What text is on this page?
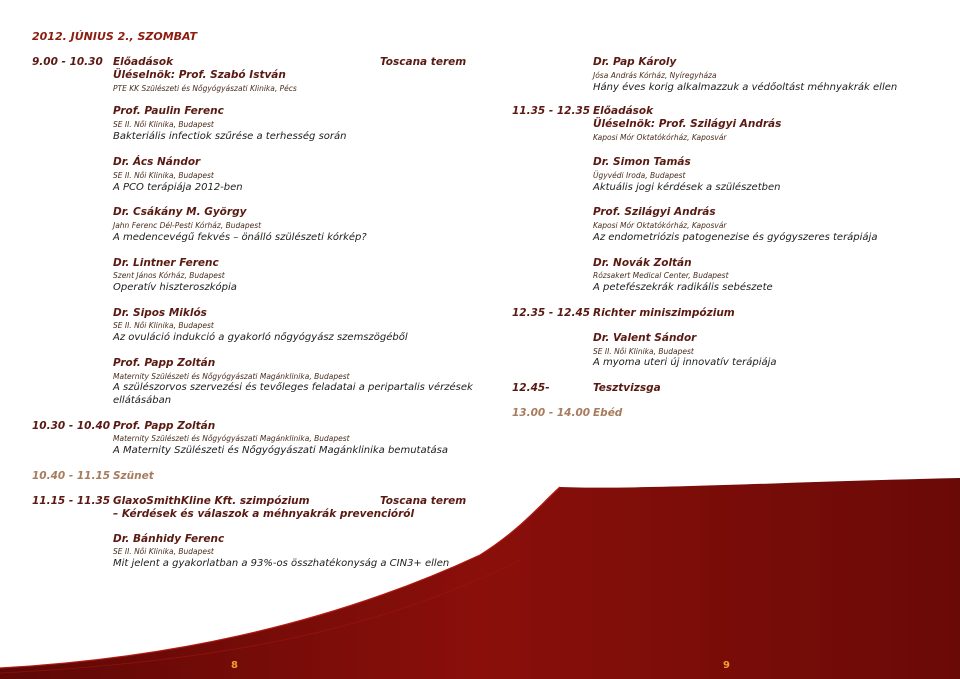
2012. JÚNIUS 2., SZOMBAT
9.00 - 10.30 Előadások	Toscana terem
Üléselnök: Prof. Szabó István
PTE KK Szülészeti és Nőgyógyászati Klinika, Pécs
Prof. Paulin Ferenc
SE II. Női Klinika, Budapest
Bakteriális infectiok szűrése a terhesség során
Dr. Ács Nándor
SE II. Női Klinika, Budapest
A PCO terápiája 2012-ben
Dr. Csákány M. György
Jahn Ferenc Dél-Pesti Kórház, Budapest
A medencevégű fekvés – önálló szülészeti kórkép?
Dr. Lintner Ferenc
Szent János Kórház, Budapest
Operatív hiszteroszkópia
Dr. Sipos Miklós
SE II. Női Klinika, Budapest
Az ovuláció indukció a gyakorló nőgyógyász szemszögéből
Prof. Papp Zoltán
Maternity Szülészeti és Nőgyógyászati Magánklinika, Budapest
A szülészorvos szervezési és tevőleges feladatai a peripartalis vérzések
ellátásában
10.30 - 10.40 Prof. Papp Zoltán
Maternity Szülészeti és Nőgyógyászati Magánklinika, Budapest
A Maternity Szülészeti és Nőgyógyászati Magánklinika bemutatása
10.40 - 11.15 Szünet
11.15 - 11.35 GlaxoSmithKline Kft. szimpózium	Toscana terem
– Kérdések és válaszok a méhnyakrák prevencióról
Dr. Bánhidy Ferenc
SE II. Női Klinika, Budapest
Mit jelent a gyakorlatban a 93%-os összhatékonyság a CIN3+ ellen
Dr. Pap Károly
Jósa András Kórház, Nyíregyháza
Hány éves korig alkalmazzuk a védőoltást méhnyakrák ellen
11.35 - 12.35 Előadások
Üléselnök: Prof. Szilágyi András
Kaposi Mór Oktatókórház, Kaposvár
Dr. Simon Tamás
Ügyvédi Iroda, Budapest
Aktuális jogi kérdések a szülészetben
Prof. Szilágyi András
Kaposi Mór Oktatókórház, Kaposvár
Az endometriózis patogenezise és gyógyszeres terápiája
Dr. Novák Zoltán
Rózsakert Medical Center, Budapest
A petefészekrák radikális sebészete
12.35 - 12.45 Richter miniszimpózium
Dr. Valent Sándor
SE II. Női Klinika, Budapest
A myoma uteri új innovatív terápiája
12.45-	Tesztvizsga
13.00 - 14.00 Ebéd
8	9
